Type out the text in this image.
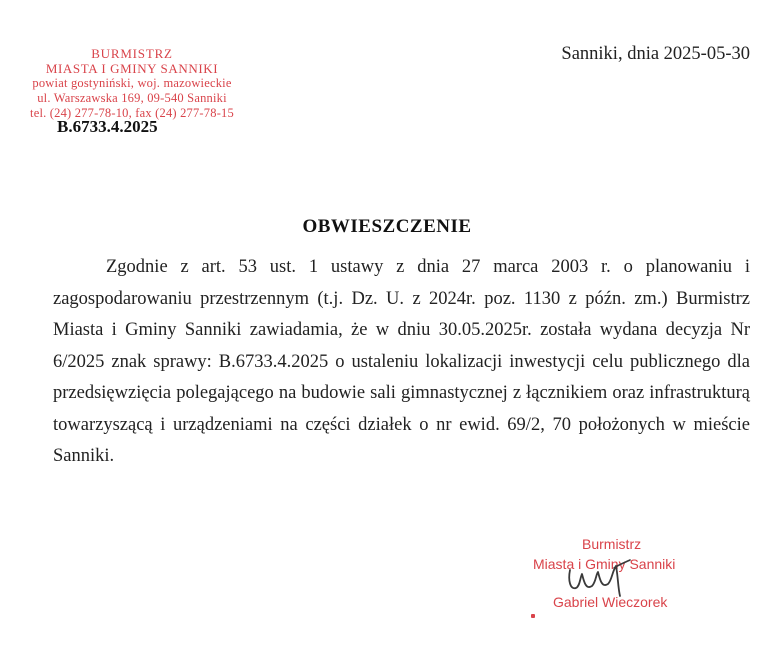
BURMISTRZ
MIASTA I GMINY SANNIKI
powiat gostyniński, woj. mazowieckie
ul. Warszawska 169, 09-540 Sanniki
tel. (24) 277-78-10, fax (24) 277-78-15
B.6733.4.2025
Sanniki, dnia 2025-05-30
OBWIESZCZENIE

Zgodnie z art. 53 ust. 1 ustawy z dnia 27 marca 2003 r. o planowaniu i zagospodarowaniu przestrzennym (t.j. Dz. U. z 2024r. poz. 1130 z późn. zm.) Burmistrz Miasta i Gminy Sanniki zawiadamia, że w dniu 30.05.2025r. została wydana decyzja Nr 6/2025 znak sprawy: B.6733.4.2025 o ustaleniu lokalizacji inwestycji celu publicznego dla przedsięwzięcia polegającego na budowie sali gimnastycznej z łącznikiem oraz infrastrukturą towarzyszącą i urządzeniami na części działek o nr ewid. 69/2, 70 położonych w mieście Sanniki.

Burmistrz
Miasta i Gminy Sanniki
Gabriel Wieczorek
